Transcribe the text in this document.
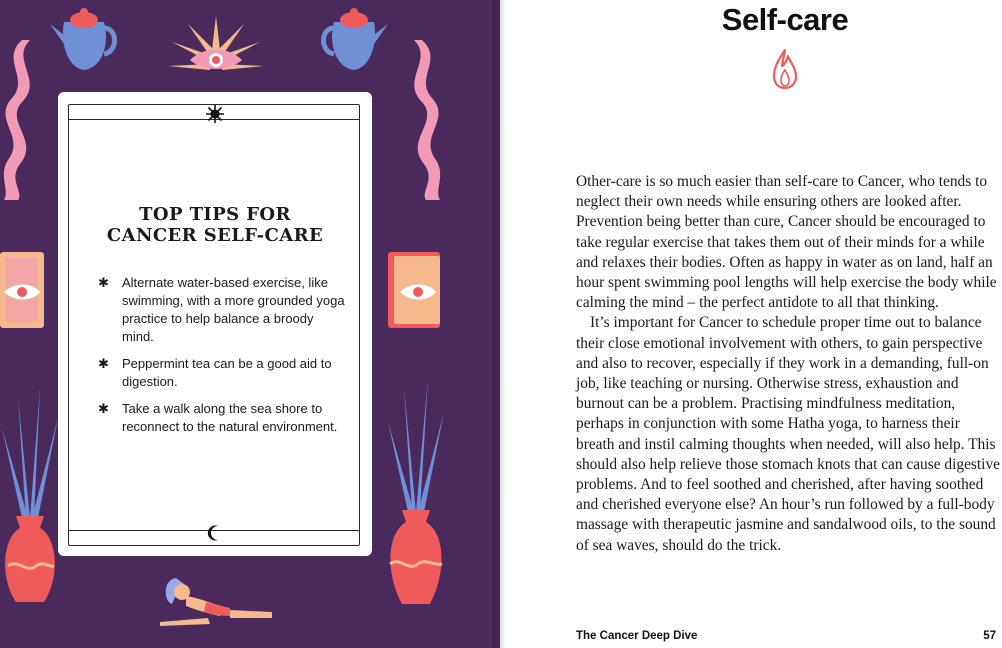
TOP TIPS FOR
CANCER SELF-CARE
✱ Alternate water-based exercise, like swimming, with a more grounded yoga practice to help balance a broody mind.
✱ Peppermint tea can be a good aid to digestion.
✱ Take a walk along the sea shore to reconnect to the natural environment.
Self-care

Other-care is so much easier than self-care to Cancer, who tends to neglect their own needs while ensuring others are looked after. Prevention being better than cure, Cancer should be encouraged to take regular exercise that takes them out of their minds for a while and relaxes their bodies. Often as happy in water as on land, half an hour spent swimming pool lengths will help exercise the body while calming the mind – the perfect antidote to all that thinking.

It’s important for Cancer to schedule proper time out to balance their close emotional involvement with others, to gain perspective and also to recover, especially if they work in a demanding, full-on job, like teaching or nursing. Otherwise stress, exhaustion and burnout can be a problem. Practising mindfulness meditation, perhaps in conjunction with some Hatha yoga, to harness their breath and instil calming thoughts when needed, will also help. This should also help relieve those stomach knots that can cause digestive problems. And to feel soothed and cherished, after having soothed and cherished everyone else? An hour’s run followed by a full-body massage with therapeutic jasmine and sandalwood oils, to the sound of sea waves, should do the trick.

The Cancer Deep Dive	57
